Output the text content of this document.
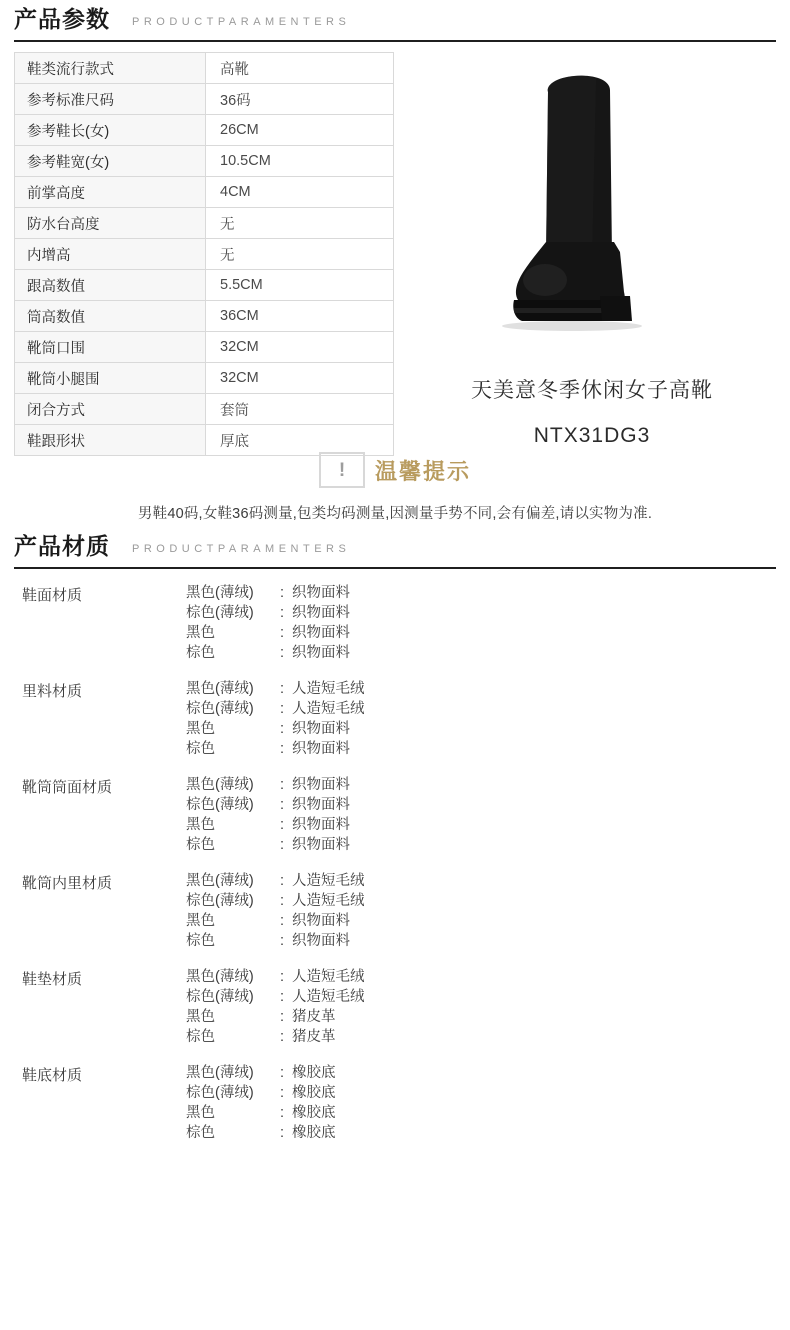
产品参数 PRODUCTPARAMENTERS
鞋类流行款式	高靴
参考标准尺码	36码
参考鞋长(女)	26CM
参考鞋宽(女)	10.5CM
前掌高度	4CM
防水台高度	无
内增高	无
跟高数值	5.5CM
筒高数值	36CM
靴筒口围	32CM
靴筒小腿围	32CM
闭合方式	套筒
鞋跟形状	厚底
天美意冬季休闲女子高靴
NTX31DG3
!	温馨提示
男鞋40码,女鞋36码测量,包类均码测量,因测量手势不同,会有偏差,请以实物为准.
产品材质 PRODUCTPARAMENTERS
鞋面材质	黑色(薄绒)	: 织物面料
棕色(薄绒)	: 织物面料
黑色	: 织物面料
棕色	: 织物面料
里料材质	黑色(薄绒)	: 人造短毛绒
棕色(薄绒)	: 人造短毛绒
黑色	: 织物面料
棕色	: 织物面料
靴筒筒面材质	黑色(薄绒)	: 织物面料
棕色(薄绒)	: 织物面料
黑色	: 织物面料
棕色	: 织物面料
靴筒内里材质	黑色(薄绒)	: 人造短毛绒
棕色(薄绒)	: 人造短毛绒
黑色	: 织物面料
棕色	: 织物面料
鞋垫材质	黑色(薄绒)	: 人造短毛绒
棕色(薄绒)	: 人造短毛绒
黑色	: 猪皮革
棕色	: 猪皮革
鞋底材质	黑色(薄绒)	: 橡胶底
棕色(薄绒)	: 橡胶底
黑色	: 橡胶底
棕色	: 橡胶底
